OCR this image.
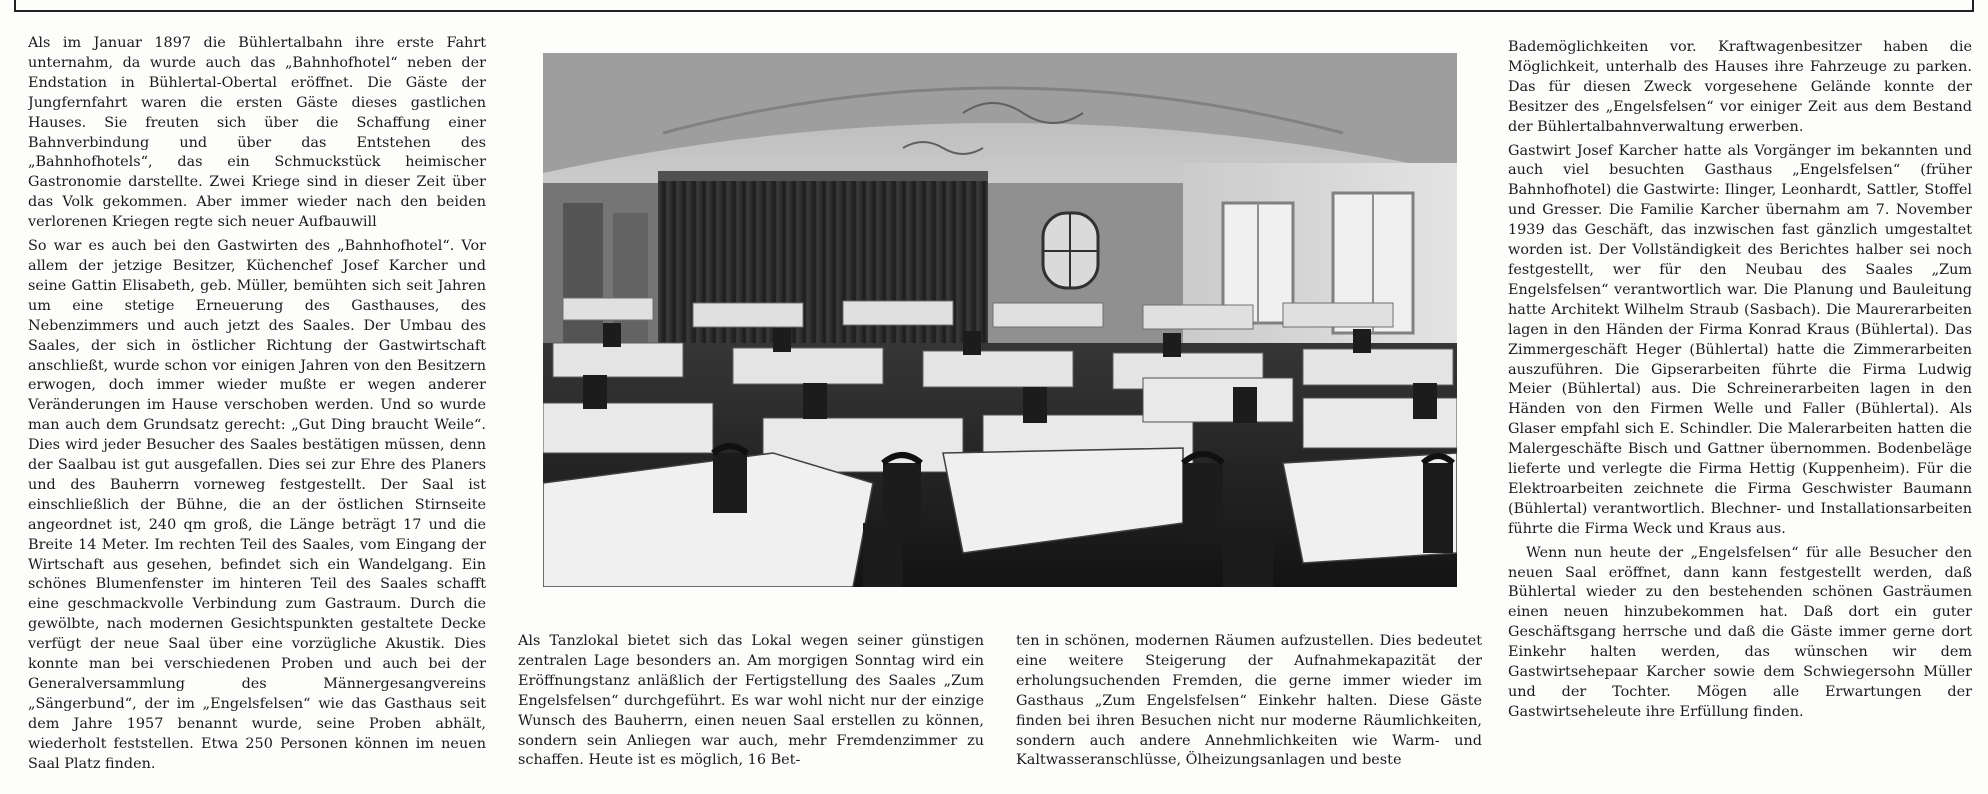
Als im Januar 1897 die Bühlertalbahn ihre erste Fahrt unternahm, da wurde auch das „Bahnhofhotel“ neben der Endstation in Bühlertal-Obertal eröffnet. Die Gäste der Jungfernfahrt waren die ersten Gäste dieses gastlichen Hauses. Sie freuten sich über die Schaffung einer Bahnverbindung und über das Entstehen des „Bahnhofhotels“, das ein Schmuckstück heimischer Gastronomie darstellte. Zwei Kriege sind in dieser Zeit über das Volk gekommen. Aber immer wieder nach den beiden verlorenen Kriegen regte sich neuer Aufbauwill

So war es auch bei den Gastwirten des „Bahnhofhotel“. Vor allem der jetzige Besitzer, Küchenchef Josef Karcher und seine Gattin Elisabeth, geb. Müller, bemühten sich seit Jahren um eine stetige Erneuerung des Gasthauses, des Nebenzimmers und auch jetzt des Saales. Der Umbau des Saales, der sich in östlicher Richtung der Gastwirtschaft anschließt, wurde schon vor einigen Jahren von den Besitzern erwogen, doch immer wieder mußte er wegen anderer Veränderungen im Hause verschoben werden. Und so wurde man auch dem Grundsatz gerecht: „Gut Ding braucht Weile“. Dies wird jeder Besucher des Saales bestätigen müssen, denn der Saalbau ist gut ausgefallen. Dies sei zur Ehre des Planers und des Bauherrn vorneweg festgestellt. Der Saal ist einschließlich der Bühne, die an der östlichen Stirnseite angeordnet ist, 240 qm groß, die Länge beträgt 17 und die Breite 14 Meter. Im rechten Teil des Saales, vom Eingang der Wirtschaft aus gesehen, befindet sich ein Wandelgang. Ein schönes Blumenfenster im hinteren Teil des Saales schafft eine geschmackvolle Verbindung zum Gastraum. Durch die gewölbte, nach modernen Gesichtspunkten gestaltete Decke verfügt der neue Saal über eine vorzügliche Akustik. Dies konnte man bei verschiedenen Proben und auch bei der Generalversammlung des Männergesangvereins „Sängerbund“, der im „Engelsfelsen“ wie das Gasthaus seit dem Jahre 1957 benannt wurde, seine Proben abhält, wiederholt feststellen. Etwa 250 Personen können im neuen Saal Platz finden.

Als Tanzlokal bietet sich das Lokal wegen seiner günstigen zentralen Lage besonders an. Am morgigen Sonntag wird ein Eröffnungstanz anläßlich der Fertigstellung des Saales „Zum Engelsfelsen“ durchgeführt. Es war wohl nicht nur der einzige Wunsch des Bauherrn, einen neuen Saal erstellen zu können, sondern sein Anliegen war auch, mehr Fremdenzimmer zu schaffen. Heute ist es möglich, 16 Bet-

ten in schönen, modernen Räumen aufzustellen. Dies bedeutet eine weitere Steigerung der Aufnahmekapazität der erholungsuchenden Fremden, die gerne immer wieder im Gasthaus „Zum Engelsfelsen“ Einkehr halten. Diese Gäste finden bei ihren Besuchen nicht nur moderne Räumlichkeiten, sondern auch andere Annehmlichkeiten wie Warm- und Kaltwasseranschlüsse, Ölheizungsanlagen und beste

Bademöglichkeiten vor. Kraftwagenbesitzer haben die Möglichkeit, unterhalb des Hauses ihre Fahrzeuge zu parken. Das für diesen Zweck vorgesehene Gelände konnte der Besitzer des „Engelsfelsen“ vor einiger Zeit aus dem Bestand der Bühlertalbahnverwaltung erwerben.

Gastwirt Josef Karcher hatte als Vorgänger im bekannten und auch viel besuchten Gasthaus „Engelsfelsen“ (früher Bahnhofhotel) die Gastwirte: Ilinger, Leonhardt, Sattler, Stoffel und Gresser. Die Familie Karcher übernahm am 7. November 1939 das Geschäft, das inzwischen fast gänzlich umgestaltet worden ist. Der Vollständigkeit des Berichtes halber sei noch festgestellt, wer für den Neubau des Saales „Zum Engelsfelsen“ verantwortlich war. Die Planung und Bauleitung hatte Architekt Wilhelm Straub (Sasbach). Die Maurerarbeiten lagen in den Händen der Firma Konrad Kraus (Bühlertal). Das Zimmergeschäft Heger (Bühlertal) hatte die Zimmerarbeiten auszuführen. Die Gipserarbeiten führte die Firma Ludwig Meier (Bühlertal) aus. Die Schreinerarbeiten lagen in den Händen von den Firmen Welle und Faller (Bühlertal). Als Glaser empfahl sich E. Schindler. Die Malerarbeiten hatten die Malergeschäfte Bisch und Gattner übernommen. Bodenbeläge lieferte und verlegte die Firma Hettig (Kuppenheim). Für die Elektroarbeiten zeichnete die Firma Geschwister Baumann (Bühlertal) verantwortlich. Blechner- und Installationsarbeiten führte die Firma Weck und Kraus aus.

Wenn nun heute der „Engelsfelsen“ für alle Besucher den neuen Saal eröffnet, dann kann festgestellt werden, daß Bühlertal wieder zu den bestehenden schönen Gasträumen einen neuen hinzubekommen hat. Daß dort ein guter Geschäftsgang herrsche und daß die Gäste immer gerne dort Einkehr halten werden, das wünschen wir dem Gastwirtsehepaar Karcher sowie dem Schwiegersohn Müller und der Tochter. Mögen alle Erwartungen der Gastwirtseheleute ihre Erfüllung finden.
